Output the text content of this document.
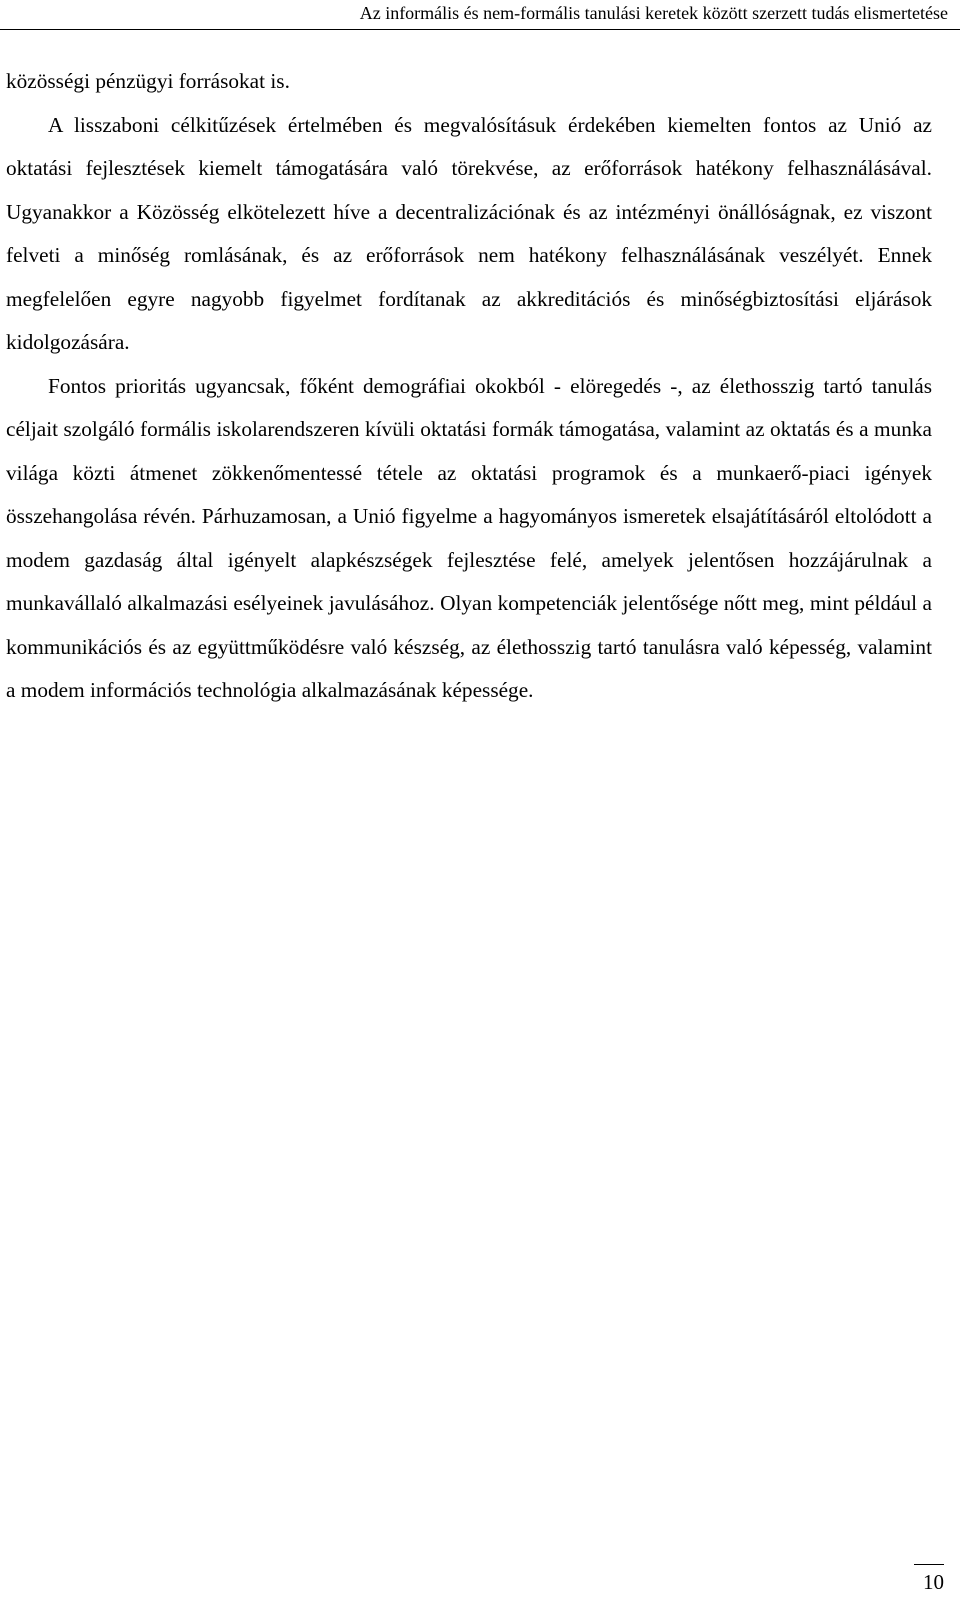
Az informális és nem-formális tanulási keretek között szerzett tudás elismertetése

közösségi pénzügyi forrásokat is.

A lisszaboni célkitűzések értelmében és megvalósításuk érdekében kiemelten fontos az Unió az oktatási fejlesztések kiemelt támogatására való törekvése, az erőforrások hatékony felhasználásával. Ugyanakkor a Közösség elkötelezett híve a decentralizációnak és az intézményi önállóságnak, ez viszont felveti a minőség romlásának, és az erőforrások nem hatékony felhasználásának veszélyét. Ennek megfelelően egyre nagyobb figyelmet fordítanak az akkreditációs és minőségbiztosítási eljárások kidolgozására.

Fontos prioritás ugyancsak, főként demográfiai okokból - elöregedés -, az élethosszig tartó tanulás céljait szolgáló formális iskolarendszeren kívüli oktatási formák támogatása, valamint az oktatás és a munka világa közti átmenet zökkenőmentessé tétele az oktatási programok és a munkaerő-piaci igények összehangolása révén. Párhuzamosan, a Unió figyelme a hagyományos ismeretek elsajátításáról eltolódott a modem gazdaság által igényelt alapkészségek fejlesztése felé, amelyek jelentősen hozzájárulnak a munkavállaló alkalmazási esélyeinek javulásához. Olyan kompetenciák jelentősége nőtt meg, mint például a kommunikációs és az együttműködésre való készség, az élethosszig tartó tanulásra való képesség, valamint a modem információs technológia alkalmazásának képessége.

10
